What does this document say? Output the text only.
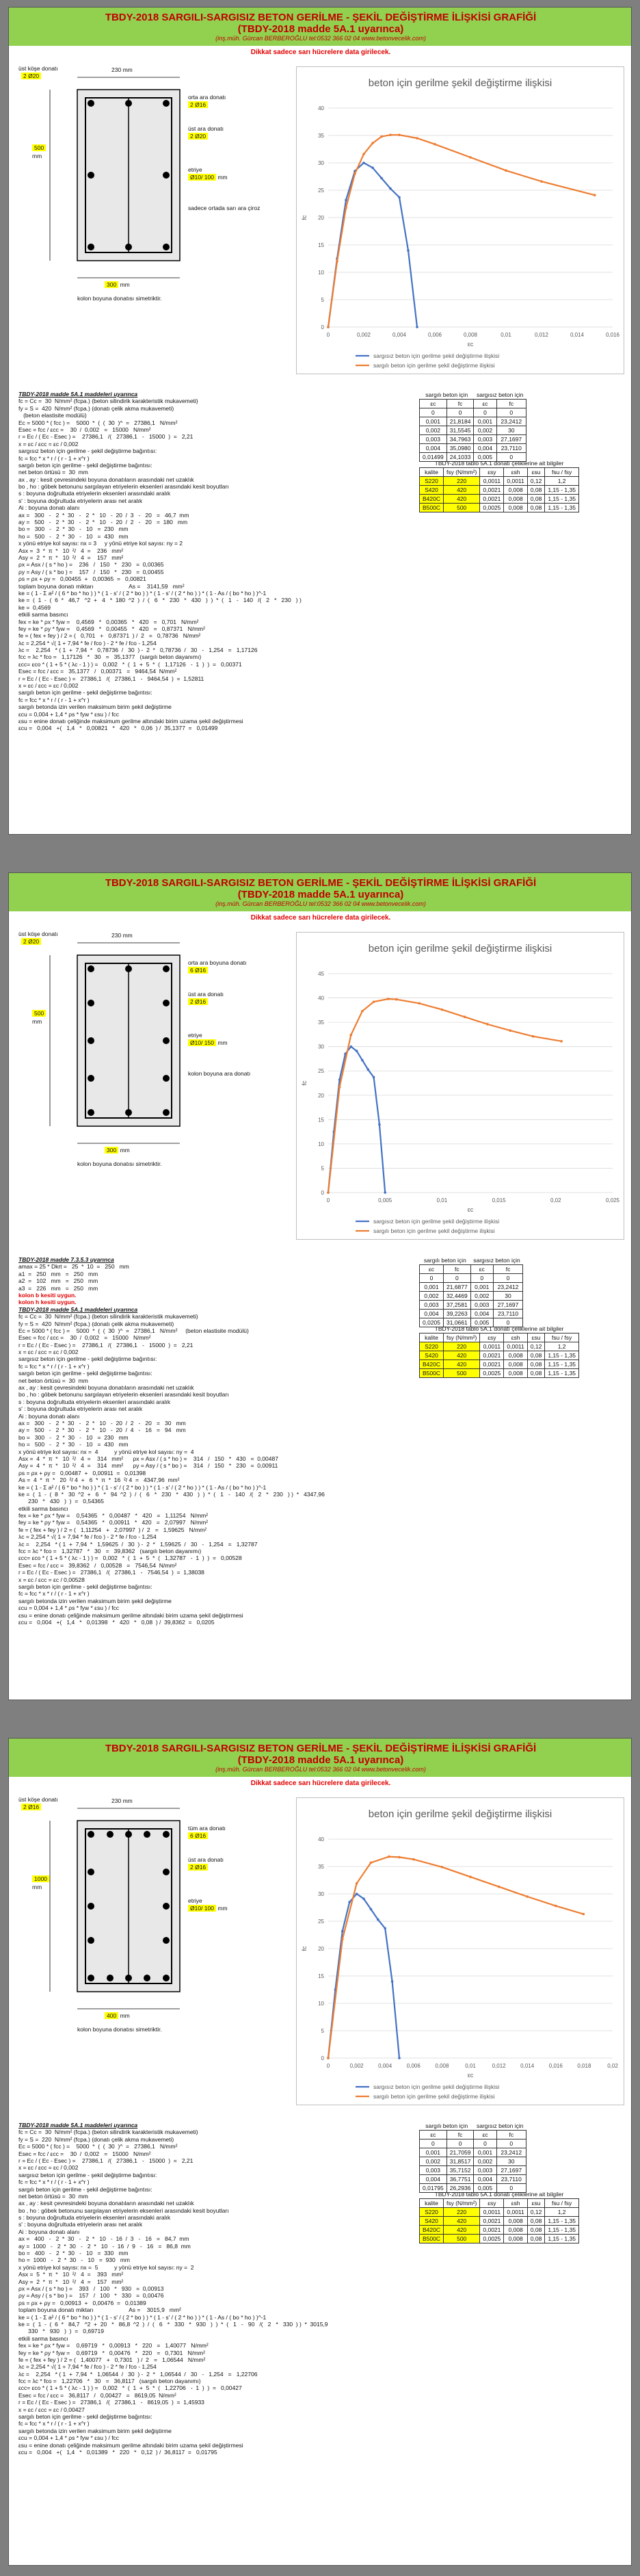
TBDY-2018 SARGILI-SARGISIZ BETON GERİLME - ŞEKİL DEĞİŞTİRME İLİŞKİSİ GRAFİĞİ
(TBDY-2018 madde 5A.1 uyarınca)
(inş.müh. Gürcan BERBEROĞLU tel:0532 366 02 04 www.betonvecelik.com)
Dikkat sadece sarı hücrelere data girilecek.
üst köşe donatı
2 Ø20
230 mm
orta ara donatı
2 Ø16
üst ara donatı
2 Ø20
etriye
Ø10/ 100 mm
500
mm
sadece ortada sarı ara çiroz
300 mm
kolon boyuna donatısı simetriktir.
beton için gerilme şekil değiştirme ilişkisi
0
5
10
15
20
25
30
35
40
0	0,002	0,004	0,006	0,008	0,01	0,012	0,014	0,016
εc
fc
sargısız beton için gerilme şekil değiştirme ilişkisi
sargılı beton için gerilme şekil değiştirme ilişkisi
TBDY-2018 madde 5A.1 maddeleri uyarınca
fc = Cc =  30  N/mm² (fcpa.) (beton silindirik karakteristik mukavemeti)
fy = S =  420  N/mm² (fcpa.) (donatı çelik akma mukavemeti)
(beton elastisite modülü)
Ec = 5000 * ( fcc ) =    5000  *  (  (  30  )^  =   27386,1   N/mm²
Esec = fcc / εcc =    30  /  0,002   =   15000   N/mm²
r = Ec / ( Ec - Esec ) =    27386,1   /(   27386,1   -   15000  )  =   2,21
x = εc / εcc = εc / 0,002
sargısız beton için gerilme - şekil değiştirme bağıntısı:
fc = fcc * x * r / ( r - 1 + x^r )
sargılı beton için gerilme - şekil değiştirme bağıntısı:
net beton örtüsü =  30  mm
ax , ay : kesit çevresindeki boyuna donatıların arasındaki net uzaklık
bo , ho : göbek betonunu sargılayan etriyelerin eksenleri arasındaki kesit boyutları
s : boyuna doğrultuda etriyelerin eksenleri arasındaki aralık
s' : boyuna doğrultuda etriyelerin arası net aralık
Ai : boyuna donatı alanı
ax =   300   -   2  *  30   -   2  *   10   -  20  /  3   -   20   =   46,7  mm
ay =   500   -   2  *  30   -   2  *   10   -  20  /  2   -   20   =  180   mm
bo =   300   -   2  *  30   -   10   =  230   mm
ho =   500   -   2  *  30   -   10   =  430   mm
x yönü etriye kol sayısı: nx = 3     y yönü etriye kol sayısı: ny = 2
Asx =  3  *  π  *   10  ²/   4  =    236   mm²
Asy =  2  *  π  *   10  ²/   4  =    157   mm²
ρx = Asx / ( s * ho ) =    236   /   150   *   230   =  0,00365
ρy = Asy / ( s * bo ) =    157   /   150   *   230   =  0,00455
ρs = ρx + ρy =   0,00455  +   0,00365  =   0,00821
toplam boyuna donatı miktarı                      As =    3141,59   mm²
ke = ( 1 - Σ a² / ( 6 * bo * ho ) ) * ( 1 - s' / ( 2 * bo ) ) * ( 1 - s' / ( 2 * ho ) ) * ( 1 - As / ( bo * ho ) )^-1
ke =  (  1  -  (  6  *   46,7   ^2  +   4   *  180  ^2  )  /  (   6   *   230   *   430   )  )  *  (   1   -   140   /(   2   *   230   ) )
ke =  0,4569
etkili sarma basıncı
fex = ke * ρx * fyw =    0,4569   *   0,00365   *   420   =   0,701   N/mm²
fey = ke * ρy * fyw =    0,4569   *   0,00455   *   420   =   0,87371   N/mm²
fe = ( fex + fey ) / 2 = (   0,701   +   0,87371  ) /  2   =   0,78736   N/mm²
λc = 2,254 * √( 1 + 7,94 * fe / fco ) - 2 * fe / fco - 1,254
λc =    2,254   * ( 1  +  7,94  *   0,78736  /   30  ) -  2  *   0,78736  /   30   -   1,254   =   1,17126
fcc = λc * fco =   1,17126   *   30   =   35,1377   (sargılı beton dayanımı)
εcc= εco * ( 1 + 5 * ( λc - 1 ) ) =   0,002   *  (  1  +  5  *  (   1,17126   -  1  )  )  =   0,00371
Esec = fcc / εcc =   35,1377   /   0,00371   =   9464,54  N/mm²
r = Ec / ( Ec - Esec ) =   27386,1   /(   27386,1   -   9464,54  )  =  1,52811
x = εc / εcc = εc / 0,002
sargılı beton için gerilme - şekil değiştirme bağıntısı:
fc = fcc * x * r / ( r - 1 + x^r )
sargılı betonda izin verilen maksimum birim şekil değiştirme
εcu = 0,004 + 1,4 * ρs * fyw * εsu ) / fcc
εsu = enine donatı çeliğinde maksimum gerilme altındaki birim uzama şekil değiştirmesi
εcu =   0,004   +(   1,4   *   0,00821   *   420   *   0,06  ) /  35,1377  =   0,01499
sargılı beton için		sargısız beton için	
εc	fc	εc	fc
0	0	0	0
0,001	21,8184	0,001	23,2412
0,002	31,5545	0,002	30
0,003	34,7963	0,003	27,1697
0,004	35,0980	0,004	23,7110
0,01499	24,1033	0,005	0
TBDY-2018 tablo 5A.1 donatı çeliklerine ait bilgiler					
kalite	fsy (N/mm²)	εsy	εsh	εsu	fsu / fsy
S220	220	0,0011	0,0011	0,12	1,2
S420	420	0,0021	0,008	0,08	1,15 - 1,35
B420C	420	0,0021	0,008	0,08	1,15 - 1,35
B500C	500	0,0025	0,008	0,08	1,15 - 1,35
TBDY-2018 SARGILI-SARGISIZ BETON GERİLME - ŞEKİL DEĞİŞTİRME İLİŞKİSİ GRAFİĞİ
(TBDY-2018 madde 5A.1 uyarınca)
(inş.müh. Gürcan BERBEROĞLU tel:0532 366 02 04 www.betonvecelik.com)
Dikkat sadece sarı hücrelere data girilecek.
üst köşe donatı
2 Ø20
230 mm
orta ara boyuna donatı
6 Ø16
üst ara donatı
2 Ø16
etriye
Ø10/ 150 mm
500
mm
kolon boyuna ara donatı
300 mm
kolon boyuna donatısı simetriktir.
beton için gerilme şekil değiştirme ilişkisi
0
5
10
15
20
25
30
35
40
45
0	0,005	0,01	0,015	0,02	0,025
εc
fc
sargısız beton için gerilme şekil değiştirme ilişkisi
sargılı beton için gerilme şekil değiştirme ilişkisi
TBDY-2018 madde 7.3.5.3 uyarınca
amax = 25 * Dkrt =   25  *  10  =   250   mm
a1  =   250   mm   =   250   mm
a2  =   102   mm   =   250   mm
a3  =   226   mm   =   250   mm
kolon b kesiti uygun.
kolon h kesiti uygun.
TBDY-2018 madde 5A.1 maddeleri uyarınca
fc = Cc =  30  N/mm² (fcpa.) (beton silindirik karakteristik mukavemeti)
fy = S =  420  N/mm² (fcpa.) (donatı çelik akma mukavemeti)
Ec = 5000 * ( fcc ) =    5000  *  (  (  30  )^  =   27386,1   N/mm²     (beton elastisite modülü)
Esec = fcc / εcc =    30  /  0,002   =   15000   N/mm²
r = Ec / ( Ec - Esec ) =    27386,1   /(   27386,1   -   15000  )  =   2,21
x = εc / εcc = εc / 0,002
sargısız beton için gerilme - şekil değiştirme bağıntısı:
fc = fcc * x * r / ( r - 1 + x^r )
sargılı beton için gerilme - şekil değiştirme bağıntısı:
net beton örtüsü =  30  mm
ax , ay : kesit çevresindeki boyuna donatıların arasındaki net uzaklık
bo , ho : göbek betonunu sargılayan etriyelerin eksenleri arasındaki kesit boyutları
s : boyuna doğrultuda etriyelerin eksenleri arasındaki aralık
s' : boyuna doğrultuda etriyelerin arası net aralık
Ai : boyuna donatı alanı
ax =   300   -   2  *  30   -   2  *   10   -  20  /  2   -   20   =   30   mm
ay =   500   -   2  *  30   -   2  *   10   -  20  /  4   -   16   =   94   mm
bo =   300   -   2  *  30   -   10   =  230   mm
ho =   500   -   2  *  30   -   10   =  430   mm
x yönü etriye kol sayısı: nx =  4          y yönü etriye kol sayısı: ny =  4
Asx =  4  *  π  *   10  ²/   4  =    314   mm²      ρx = Asx / ( s * ho ) =    314   /   150   *   430   =  0,00487
Asy =  4  *  π  *   10  ²/   4  =    314   mm²      ρy = Asy / ( s * bo ) =    314   /   150   *   230   =  0,00911
ρs = ρx + ρy =   0,00487  +   0,00911  =   0,01398
As =  4  *  π  *   20  ²/ 4  +   6  *  π  *  16  ²/ 4  =   4347,96  mm²
ke = ( 1 - Σ a² / ( 6 * bo * ho ) ) * ( 1 - s' / ( 2 * bo ) ) * ( 1 - s' / ( 2 * ho ) ) * ( 1 - As / ( bo * ho ) )^-1
ke =  (  1  -  (  8  *   30  ^2  +   6   *   94  ^2  )  /  (   6   *   230   *   430   )  )  *  (   1   -   140   /(   2   *   230   ) )  *   4347,96
230   *   430   )  )  =   0,54365
etkili sarma basıncı
fex = ke * ρx * fyw =    0,54365   *   0,00487   *   420   =   1,11254   N/mm²
fey = ke * ρy * fyw =    0,54365   *   0,00911   *   420   =   2,07997   N/mm²
fe = ( fex + fey ) / 2 = (   1,11254   +   2,07997  ) /  2   =   1,59625   N/mm²
λc = 2,254 * √( 1 + 7,94 * fe / fco ) - 2 * fe / fco - 1,254
λc =    2,254   * ( 1  +  7,94  *   1,59625  /   30  ) -  2  *   1,59625  /   30   -   1,254   =   1,32787
fcc = λc * fco =   1,32787   *   30   =   39,8362   (sargılı beton dayanımı)
εcc= εco * ( 1 + 5 * ( λc - 1 ) ) =   0,002   *  (  1  +  5  *  (   1,32787   -  1  )  )  =   0,00528
Esec = fcc / εcc =   39,8362   /   0,00528   =   7546,54  N/mm²
r = Ec / ( Ec - Esec ) =   27386,1   /(   27386,1   -   7546,54  )  =  1,38038
x = εc / εcc = εc / 0,00528
sargılı beton için gerilme - şekil değiştirme bağıntısı:
fc = fcc * x * r / ( r - 1 + x^r )
sargılı betonda izin verilen maksimum birim şekil değiştirme
εcu = 0,004 + 1,4 * ρs * fyw * εsu ) / fcc
εsu = enine donatı çeliğinde maksimum gerilme altındaki birim uzama şekil değiştirmesi
εcu =   0,004   +(   1,4   *   0,01398   *   420   *   0,08  ) /  39,8362  =   0,0205
sargılı beton için		sargısız beton için	
εc	fc	εc	fc
0	0	0	0
0,001	21,6877	0,001	23,2412
0,002	32,4469	0,002	30
0,003	37,2581	0,003	27,1697
0,004	39,2263	0,004	23,7110
0,0205	31,0661	0,005	0
TBDY-2018 tablo 5A.1 donatı çeliklerine ait bilgiler					
kalite	fsy (N/mm²)	εsy	εsh	εsu	fsu / fsy
S220	220	0,0011	0,0011	0,12	1,2
S420	420	0,0021	0,008	0,08	1,15 - 1,35
B420C	420	0,0021	0,008	0,08	1,15 - 1,35
B500C	500	0,0025	0,008	0,08	1,15 - 1,35
TBDY-2018 SARGILI-SARGISIZ BETON GERİLME - ŞEKİL DEĞİŞTİRME İLİŞKİSİ GRAFİĞİ
(TBDY-2018 madde 5A.1 uyarınca)
(inş.müh. Gürcan BERBEROĞLU tel:0532 366 02 04 www.betonvecelik.com)
Dikkat sadece sarı hücrelere data girilecek.
üst köşe donatı
2 Ø16
230 mm
tüm ara donatı
6 Ø16
üst ara donatı
2 Ø16
etriye
Ø10/ 100 mm
1000
mm
400 mm
kolon boyuna donatısı simetriktir.
beton için gerilme şekil değiştirme ilişkisi
0
5
10
15
20
25
30
35
40
0	0,002	0,004	0,006	0,008	0,01	0,012	0,014	0,016	0,018	0,02
εc
fc
sargısız beton için gerilme şekil değiştirme ilişkisi
sargılı beton için gerilme şekil değiştirme ilişkisi
TBDY-2018 madde 5A.1 maddeleri uyarınca
fc = Cc =  30  N/mm² (fcpa.) (beton silindirik karakteristik mukavemeti)
fy = S =  220  N/mm² (fcpa.) (donatı çelik akma mukavemeti)
Ec = 5000 * ( fcc ) =    5000  *  (  (  30  )^  =   27386,1   N/mm²
Esec = fcc / εcc =    30  /  0,002   =   15000   N/mm²
r = Ec / ( Ec - Esec ) =    27386,1   /(   27386,1   -   15000  )  =   2,21
x = εc / εcc = εc / 0,002
sargısız beton için gerilme - şekil değiştirme bağıntısı:
fc = fcc * x * r / ( r - 1 + x^r )
sargılı beton için gerilme - şekil değiştirme bağıntısı:
net beton örtüsü =  30  mm
ax , ay : kesit çevresindeki boyuna donatıların arasındaki net uzaklık
bo , ho : göbek betonunu sargılayan etriyelerin eksenleri arasındaki kesit boyutları
s : boyuna doğrultuda etriyelerin eksenleri arasındaki aralık
s' : boyuna doğrultuda etriyelerin arası net aralık
Ai : boyuna donatı alanı
ax =   400   -   2  *  30   -   2  *   10   -  16  /  3   -   16   =   84,7  mm
ay =  1000   -   2  *  30   -   2  *   10   -  16  /  9   -   16   =   86,8  mm
bo =   400   -   2  *  30   -   10   =  330   mm
ho =  1000   -   2  *  30   -   10   =  930   mm
x yönü etriye kol sayısı: nx =  5          y yönü etriye kol sayısı: ny =  2
Asx =  5  *  π  *   10  ²/   4  =    393   mm²
Asy =  2  *  π  *   10  ²/   4  =    157   mm²
ρx = Asx / ( s * ho ) =    393   /   100   *   930   =  0,00913
ρy = Asy / ( s * bo ) =    157   /   100   *   330   =  0,00476
ρs = ρx + ρy =   0,00913  +   0,00476  =   0,01389
toplam boyuna donatı miktarı                      As =    3015,9   mm²
ke = ( 1 - Σ a² / ( 6 * bo * ho ) ) * ( 1 - s' / ( 2 * bo ) ) * ( 1 - s' / ( 2 * ho ) ) * ( 1 - As / ( bo * ho ) )^-1
ke =  (  1  -  (  6  *   84,7   ^2  +  20   *   86,8  ^2  )  /  (   6   *   330   *   930   )  )  *  (   1   -   90   /(   2   *   330  ) )  *  3015,9
330   *   930   )  )  =   0,69719
etkili sarma basıncı
fex = ke * ρx * fyw =    0,69719   *   0,00913   *   220   =   1,40077   N/mm²
fey = ke * ρy * fyw =    0,69719   *   0,00476   *   220   =   0,7301   N/mm²
fe = ( fex + fey ) / 2 = (   1,40077   +   0,7301   ) /  2   =   1,06544   N/mm²
λc = 2,254 * √( 1 + 7,94 * fe / fco ) - 2 * fe / fco - 1,254
λc =    2,254   * ( 1  +  7,94  *   1,06544  /   30  ) -  2  *   1,06544  /   30   -   1,254   =   1,22706
fcc = λc * fco =   1,22706   *   30   =   36,8117   (sargılı beton dayanımı)
εcc= εco * ( 1 + 5 * ( λc - 1 ) ) =   0,002   *  (  1  +  5  *  (   1,22706   -  1  )  )  =   0,00427
Esec = fcc / εcc =   36,8117   /   0,00427   =   8619,05  N/mm²
r = Ec / ( Ec - Esec ) =   27386,1   /(   27386,1   -   8619,05  )  =  1,45933
x = εc / εcc = εc / 0,00427
sargılı beton için gerilme - şekil değiştirme bağıntısı:
fc = fcc * x * r / ( r - 1 + x^r )
sargılı betonda izin verilen maksimum birim şekil değiştirme
εcu = 0,004 + 1,4 * ρs * fyw * εsu ) / fcc
εsu = enine donatı çeliğinde maksimum gerilme altındaki birim uzama şekil değiştirmesi
εcu =   0,004   +(   1,4   *   0,01389   *   220   *   0,12  ) /  36,8117  =   0,01795
sargılı beton için		sargısız beton için	
εc	fc	εc	fc
0	0	0	0
0,001	21,7059	0,001	23,2412
0,002	31,8517	0,002	30
0,003	35,7152	0,003	27,1697
0,004	36,7751	0,004	23,7110
0,01795	26,2936	0,005	0
TBDY-2018 tablo 5A.1 donatı çeliklerine ait bilgiler					
kalite	fsy (N/mm²)	εsy	εsh	εsu	fsu / fsy
S220	220	0,0011	0,0011	0,12	1,2
S420	420	0,0021	0,008	0,08	1,15 - 1,35
B420C	420	0,0021	0,008	0,08	1,15 - 1,35
B500C	500	0,0025	0,008	0,08	1,15 - 1,35
